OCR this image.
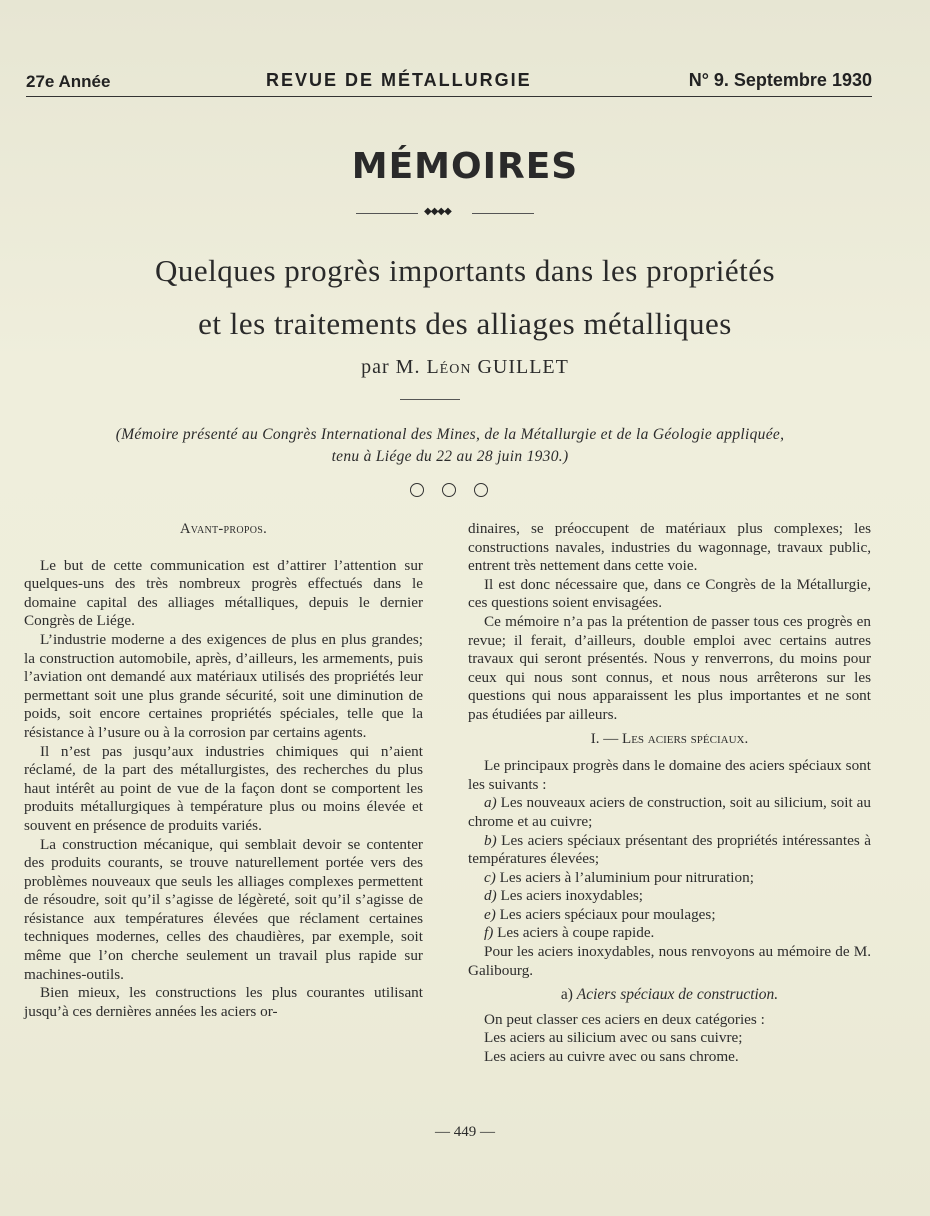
27e Année	REVUE DE MÉTALLURGIE	N° 9. Septembre 1930
MÉMOIRES
◆◆◆◆
Quelques progrès importants dans les propriétés
et les traitements des alliages métalliques
par M. Léon GUILLET
(Mémoire présenté au Congrès International des Mines, de la Métallurgie et de la Géologie appliquée,
tenu à Liége du 22 au 28 juin 1930.)
Avant-propos.

Le but de cette communication est d’attirer l’attention sur quelques-uns des très nombreux progrès effectués dans le domaine capital des alliages métalliques, depuis le dernier Congrès de Liége.

L’industrie moderne a des exigences de plus en plus grandes; la construction automobile, après, d’ailleurs, les armements, puis l’aviation ont demandé aux matériaux utilisés des propriétés leur permettant soit une plus grande sécurité, soit une diminution de poids, soit encore certaines propriétés spéciales, telle que la résistance à l’usure ou à la corrosion par certains agents.

Il n’est pas jusqu’aux industries chimiques qui n’aient réclamé, de la part des métallurgistes, des recherches du plus haut intérêt au point de vue de la façon dont se comportent les produits métallurgiques à température plus ou moins élevée et souvent en présence de produits variés.

La construction mécanique, qui semblait devoir se contenter des produits courants, se trouve naturellement portée vers des problèmes nouveaux que seuls les alliages complexes permettent de résoudre, soit qu’il s’agisse de légèreté, soit qu’il s’agisse de résistance aux températures élevées que réclament certaines techniques modernes, celles des chaudières, par exemple, soit même que l’on cherche seulement un travail plus rapide sur machines-outils.

Bien mieux, les constructions les plus courantes utilisant jusqu’à ces dernières années les aciers or-

dinaires, se préoccupent de matériaux plus complexes; les constructions navales, industries du wagonnage, travaux public, entrent très nettement dans cette voie.

Il est donc nécessaire que, dans ce Congrès de la Métallurgie, ces questions soient envisagées.

Ce mémoire n’a pas la prétention de passer tous ces progrès en revue; il ferait, d’ailleurs, double emploi avec certains autres travaux qui seront présentés. Nous y renverrons, du moins pour ceux qui nous sont connus, et nous nous arrêterons sur les questions qui nous apparaissent les plus importantes et ne sont pas étudiées par ailleurs.

I. — Les aciers spéciaux.

Le principaux progrès dans le domaine des aciers spéciaux sont les suivants :

a) Les nouveaux aciers de construction, soit au silicium, soit au chrome et au cuivre;

b) Les aciers spéciaux présentant des propriétés intéressantes à températures élevées;

c) Les aciers à l’aluminium pour nitruration;

d) Les aciers inoxydables;

e) Les aciers spéciaux pour moulages;

f) Les aciers à coupe rapide.

Pour les aciers inoxydables, nous renvoyons au mémoire de M. Galibourg.

a) Aciers spéciaux de construction.

On peut classer ces aciers en deux catégories :

Les aciers au silicium avec ou sans cuivre;

Les aciers au cuivre avec ou sans chrome.

— 449 —
